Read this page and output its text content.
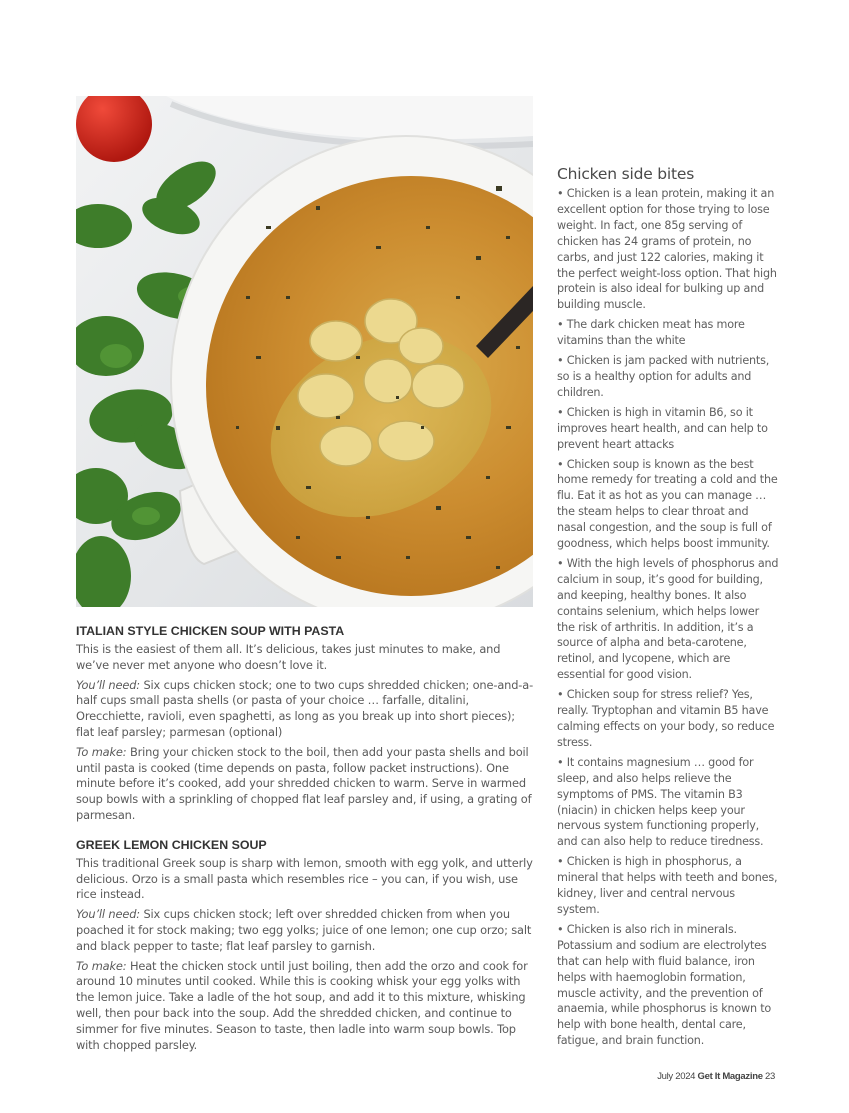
ITALIAN STYLE CHICKEN SOUP WITH PASTA

This is the easiest of them all. It’s delicious, takes just minutes to make, and we’ve never met anyone who doesn’t love it.

You’ll need: Six cups chicken stock; one to two cups shredded chicken; one-and-a-half cups small pasta shells (or pasta of your choice … farfalle, ditalini, Orecchiette, ravioli, even spaghetti, as long as you break up into short pieces); flat leaf parsley; parmesan (optional)

To make: Bring your chicken stock to the boil, then add your pasta shells and boil until pasta is cooked (time depends on pasta, follow packet instructions). One minute before it’s cooked, add your shredded chicken to warm. Serve in warmed soup bowls with a sprinkling of chopped flat leaf parsley and, if using, a grating of parmesan.

GREEK LEMON CHICKEN SOUP

This traditional Greek soup is sharp with lemon, smooth with egg yolk, and utterly delicious. Orzo is a small pasta which resembles rice – you can, if you wish, use rice instead.

You’ll need: Six cups chicken stock; left over shredded chicken from when you poached it for stock making; two egg yolks; juice of one lemon; one cup orzo; salt and black pepper to taste; flat leaf parsley to garnish.

To make: Heat the chicken stock until just boiling, then add the orzo and cook for around 10 minutes until cooked. While this is cooking whisk your egg yolks with the lemon juice. Take a ladle of the hot soup, and add it to this mixture, whisking well, then pour back into the soup. Add the shredded chicken, and continue to simmer for five minutes. Season to taste, then ladle into warm soup bowls. Top with chopped parsley.

Chicken side bites
• Chicken is a lean protein, making it an excellent option for those trying to lose weight. In fact, one 85g serving of chicken has 24 grams of protein, no carbs, and just 122 calories, making it the perfect weight-loss option. That high protein is also ideal for bulking up and building muscle.
• The dark chicken meat has more vitamins than the white
• Chicken is jam packed with nutrients, so is a healthy option for adults and children.
• Chicken is high in vitamin B6, so it improves heart health, and can help to prevent heart attacks
• Chicken soup is known as the best home remedy for treating a cold and the flu. Eat it as hot as you can manage … the steam helps to clear throat and nasal congestion, and the soup is full of goodness, which helps boost immunity.
• With the high levels of phosphorus and calcium in soup, it’s good for building, and keeping, healthy bones. It also contains selenium, which helps lower the risk of arthritis. In addition, it’s a source of alpha and beta-carotene, retinol, and lycopene, which are essential for good vision.
• Chicken soup for stress relief? Yes, really. Tryptophan and vitamin B5 have calming effects on your body, so reduce stress.
• It contains magnesium … good for sleep, and also helps relieve the symptoms of PMS. The vitamin B3 (niacin) in chicken helps keep your nervous system functioning properly, and can also help to reduce tiredness.
• Chicken is high in phosphorus, a mineral that helps with teeth and bones, kidney, liver and central nervous system.
• Chicken is also rich in minerals. Potassium and sodium are electrolytes that can help with fluid balance, iron helps with haemoglobin formation, muscle activity, and the prevention of anaemia, while phosphorus is known to help with bone health, dental care, fatigue, and brain function.
July 2024 Get It Magazine 23
